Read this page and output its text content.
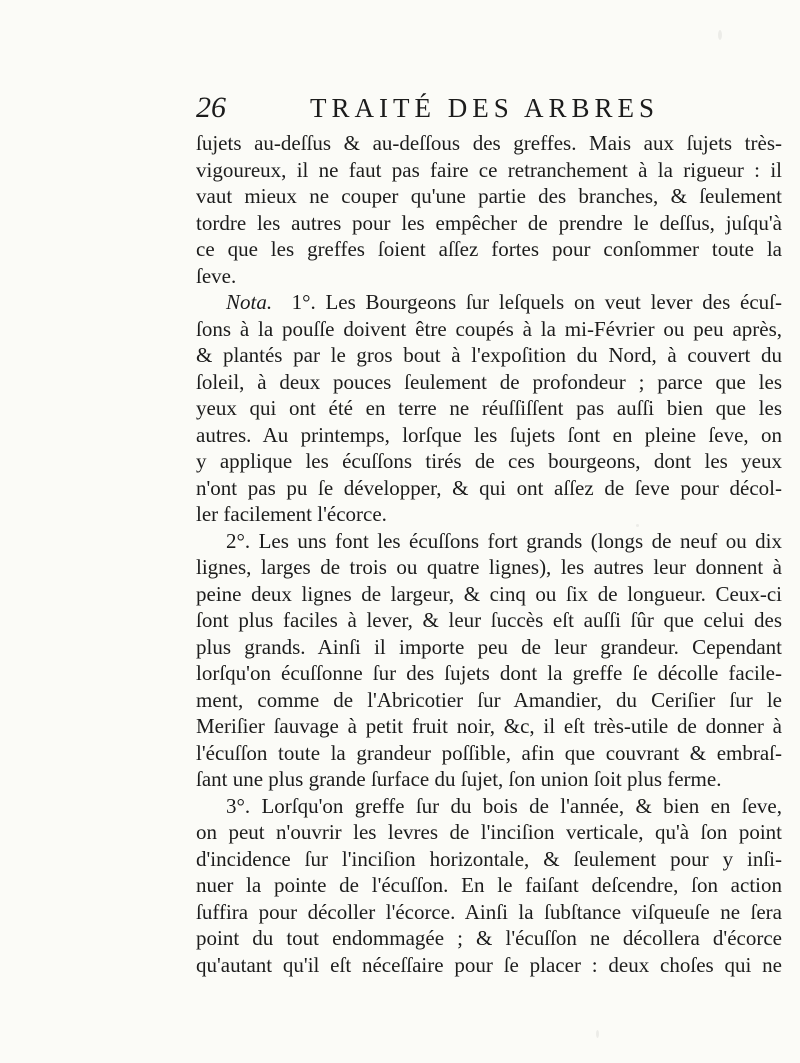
26	TRAITÉ DES ARBRES
ſujets au-deſſus & au-deſſous des greffes. Mais aux ſujets très-
vigoureux, il ne faut pas faire ce retranchement à la rigueur : il
vaut mieux ne couper qu'une partie des branches, & ſeulement
tordre les autres pour les empêcher de prendre le deſſus, juſqu'à
ce que les greffes ſoient aſſez fortes pour conſommer toute la
ſeve.
Nota. 1°. Les Bourgeons ſur leſquels on veut lever des écuſ-
ſons à la pouſſe doivent être coupés à la mi-Février ou peu après,
& plantés par le gros bout à l'expoſition du Nord, à couvert du
ſoleil, à deux pouces ſeulement de profondeur ; parce que les
yeux qui ont été en terre ne réuſſiſſent pas auſſi bien que les
autres. Au printemps, lorſque les ſujets ſont en pleine ſeve, on
y applique les écuſſons tirés de ces bourgeons, dont les yeux
n'ont pas pu ſe développer, & qui ont aſſez de ſeve pour décol-
ler facilement l'écorce.
2°. Les uns font les écuſſons fort grands (longs de neuf ou dix
lignes, larges de trois ou quatre lignes), les autres leur donnent à
peine deux lignes de largeur, & cinq ou ſix de longueur. Ceux-ci
ſont plus faciles à lever, & leur ſuccès eſt auſſi ſûr que celui des
plus grands. Ainſi il importe peu de leur grandeur. Cependant
lorſqu'on écuſſonne ſur des ſujets dont la greffe ſe décolle facile-
ment, comme de l'Abricotier ſur Amandier, du Ceriſier ſur le
Meriſier ſauvage à petit fruit noir, &c, il eſt très-utile de donner à
l'écuſſon toute la grandeur poſſible, afin que couvrant & embraſ-
ſant une plus grande ſurface du ſujet, ſon union ſoit plus ferme.
3°. Lorſqu'on greffe ſur du bois de l'année, & bien en ſeve,
on peut n'ouvrir les levres de l'inciſion verticale, qu'à ſon point
d'incidence ſur l'inciſion horizontale, & ſeulement pour y inſi-
nuer la pointe de l'écuſſon. En le faiſant deſcendre, ſon action
ſuffira pour décoller l'écorce. Ainſi la ſubſtance viſqueuſe ne ſera
point du tout endommagée ; & l'écuſſon ne décollera d'écorce
qu'autant qu'il eſt néceſſaire pour ſe placer : deux choſes qui ne
